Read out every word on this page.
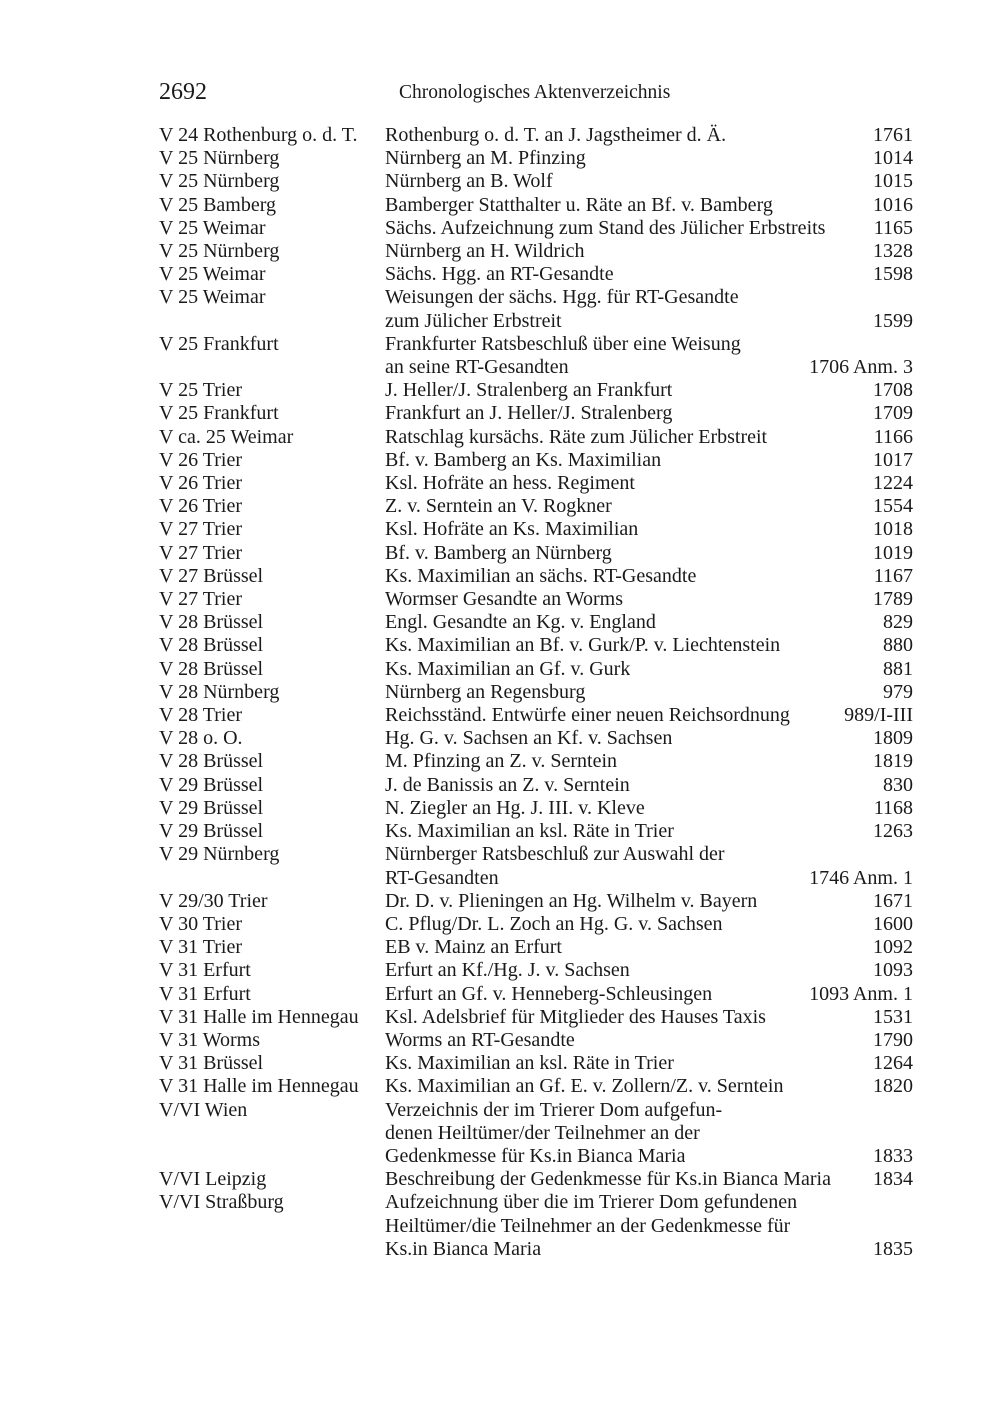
2692	Chronologisches Aktenverzeichnis
V 24 Rothenburg o. d. T.	Rothenburg o. d. T. an J. Jagstheimer d. Ä.	1761
V 25 Nürnberg	Nürnberg an M. Pfinzing	1014
V 25 Nürnberg	Nürnberg an B. Wolf	1015
V 25 Bamberg	Bamberger Statthalter u. Räte an Bf. v. Bamberg	1016
V 25 Weimar	Sächs. Aufzeichnung zum Stand des Jülicher Erbstreits	1165
V 25 Nürnberg	Nürnberg an H. Wildrich	1328
V 25 Weimar	Sächs. Hgg. an RT-Gesandte	1598
V 25 Weimar	Weisungen der sächs. Hgg. für RT-Gesandte
zum Jülicher Erbstreit	1599
V 25 Frankfurt	Frankfurter Ratsbeschluß über eine Weisung
an seine RT-Gesandten	1706 Anm. 3
V 25 Trier	J. Heller/J. Stralenberg an Frankfurt	1708
V 25 Frankfurt	Frankfurt an J. Heller/J. Stralenberg	1709
V ca. 25 Weimar	Ratschlag kursächs. Räte zum Jülicher Erbstreit	1166
V 26 Trier	Bf. v. Bamberg an Ks. Maximilian	1017
V 26 Trier	Ksl. Hofräte an hess. Regiment	1224
V 26 Trier	Z. v. Serntein an V. Rogkner	1554
V 27 Trier	Ksl. Hofräte an Ks. Maximilian	1018
V 27 Trier	Bf. v. Bamberg an Nürnberg	1019
V 27 Brüssel	Ks. Maximilian an sächs. RT-Gesandte	1167
V 27 Trier	Wormser Gesandte an Worms	1789
V 28 Brüssel	Engl. Gesandte an Kg. v. England	829
V 28 Brüssel	Ks. Maximilian an Bf. v. Gurk/P. v. Liechtenstein	880
V 28 Brüssel	Ks. Maximilian an Gf. v. Gurk	881
V 28 Nürnberg	Nürnberg an Regensburg	979
V 28 Trier	Reichsständ. Entwürfe einer neuen Reichsordnung	989/I-III
V 28 o. O.	Hg. G. v. Sachsen an Kf. v. Sachsen	1809
V 28 Brüssel	M. Pfinzing an Z. v. Serntein	1819
V 29 Brüssel	J. de Banissis an Z. v. Serntein	830
V 29 Brüssel	N. Ziegler an Hg. J. III. v. Kleve	1168
V 29 Brüssel	Ks. Maximilian an ksl. Räte in Trier	1263
V 29 Nürnberg	Nürnberger Ratsbeschluß zur Auswahl der
RT-Gesandten	1746 Anm. 1
V 29/30 Trier	Dr. D. v. Plieningen an Hg. Wilhelm v. Bayern	1671
V 30 Trier	C. Pflug/Dr. L. Zoch an Hg. G. v. Sachsen	1600
V 31 Trier	EB v. Mainz an Erfurt	1092
V 31 Erfurt	Erfurt an Kf./Hg. J. v. Sachsen	1093
V 31 Erfurt	Erfurt an Gf. v. Henneberg-Schleusingen	1093 Anm. 1
V 31 Halle im Hennegau	Ksl. Adelsbrief für Mitglieder des Hauses Taxis	1531
V 31 Worms	Worms an RT-Gesandte	1790
V 31 Brüssel	Ks. Maximilian an ksl. Räte in Trier	1264
V 31 Halle im Hennegau	Ks. Maximilian an Gf. E. v. Zollern/Z. v. Serntein	1820
V/VI Wien	Verzeichnis der im Trierer Dom aufgefun-
denen Heiltümer/der Teilnehmer an der
Gedenkmesse für Ks.in Bianca Maria	1833
V/VI Leipzig	Beschreibung der Gedenkmesse für Ks.in Bianca Maria	1834
V/VI Straßburg	Aufzeichnung über die im Trierer Dom gefundenen
Heiltümer/die Teilnehmer an der Gedenkmesse für
Ks.in Bianca Maria	1835
